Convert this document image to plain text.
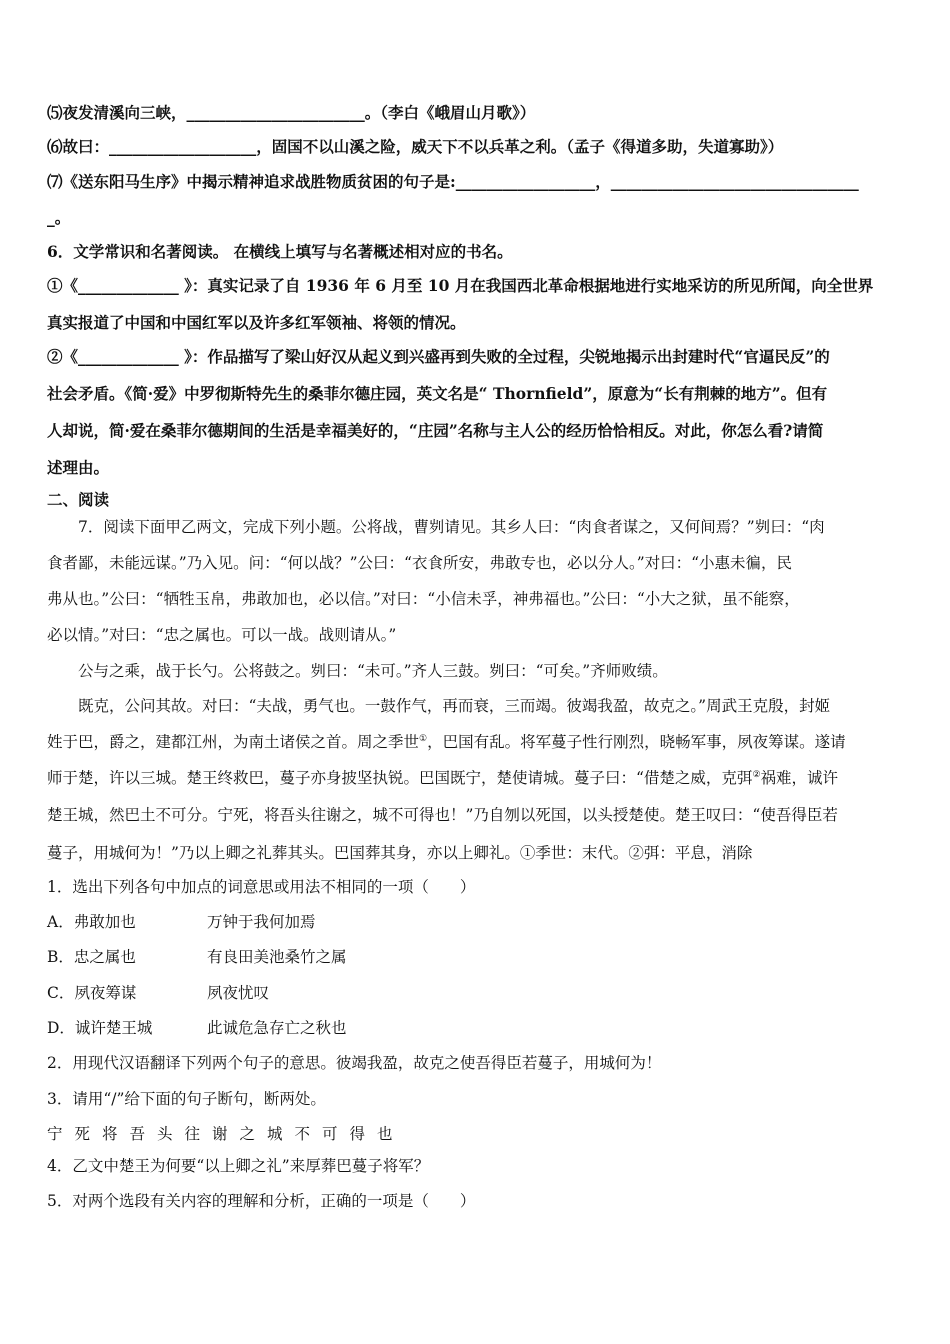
⑸夜发清溪向三峡，_______________________。（李白《峨眉山月歌》）
⑹故曰：___________________，固国不以山溪之险，威天下不以兵革之利。（孟子《得道多助，失道寡助》）
⑺《送东阳马生序》中揭示精神追求战胜物质贫困的句子是:__________________，________________________________
_。
6．文学常识和名著阅读。 在横线上填写与名著概述相对应的书名。
①《_____________ 》：真实记录了自 1936 年 6 月至 10 月在我国西北革命根据地进行实地采访的所见所闻，向全世界
真实报道了中国和中国红军以及许多红军领袖、将领的情况。
②《_____________ 》：作品描写了梁山好汉从起义到兴盛再到失败的全过程，尖锐地揭示出封建时代“官逼民反”的
社会矛盾。《简·爱》中罗彻斯特先生的桑菲尔德庄园，英文名是“ Thornfield”，原意为“长有荆棘的地方”。但有
人却说，简·爱在桑菲尔德期间的生活是幸福美好的，“庄园”名称与主人公的经历恰恰相反。对此，你怎么看?请简
述理由。
二、阅读
7．阅读下面甲乙两文，完成下列小题。公将战，曹刿请见。其乡人曰：“肉食者谋之，又何间焉？”刿曰：“肉
食者鄙，未能远谋。”乃入见。问：“何以战？”公曰：“衣食所安，弗敢专也，必以分人。”对曰：“小惠未徧，民
弗从也。”公曰：“牺牲玉帛，弗敢加也，必以信。”对曰：“小信未孚，神弗福也。”公曰：“小大之狱，虽不能察，
必以情。”对曰：“忠之属也。可以一战。战则请从。”
公与之乘，战于长勺。公将鼓之。刿曰：“未可。”齐人三鼓。刿曰：“可矣。”齐师败绩。
既克，公问其故。对曰：“夫战，勇气也。一鼓作气，再而衰，三而竭。彼竭我盈，故克之。”周武王克殷，封姬
姓于巴，爵之，建都江州，为南土诸侯之首。周之季世①，巴国有乱。将军蔓子性行刚烈，晓畅军事，夙夜筹谋。遂请
师于楚，许以三城。楚王终救巴，蔓子亦身披坚执锐。巴国既宁，楚使请城。蔓子曰：“借楚之威，克弭②祸难，诚许
楚王城，然巴土不可分。宁死，将吾头往谢之，城不可得也！”乃自刎以死国，以头授楚使。楚王叹曰：“使吾得臣若
蔓子，用城何为！”乃以上卿之礼葬其头。巴国葬其身，亦以上卿礼。①季世：末代。②弭：平息，消除
1．选出下列各句中加点的词意思或用法不相同的一项（　　）
A．弗敢加也	万钟于我何加焉
B．忠之属也	有良田美池桑竹之属
C．夙夜筹谋	夙夜忧叹
D．诚许楚王城	此诚危急存亡之秋也
2．用现代汉语翻译下列两个句子的意思。彼竭我盈，故克之使吾得臣若蔓子，用城何为！
3．请用“/”给下面的句子断句，断两处。
宁死将吾头往谢之城不可得也
4．乙文中楚王为何要“以上卿之礼”来厚葬巴蔓子将军？
5．对两个选段有关内容的理解和分析，正确的一项是（　　）
